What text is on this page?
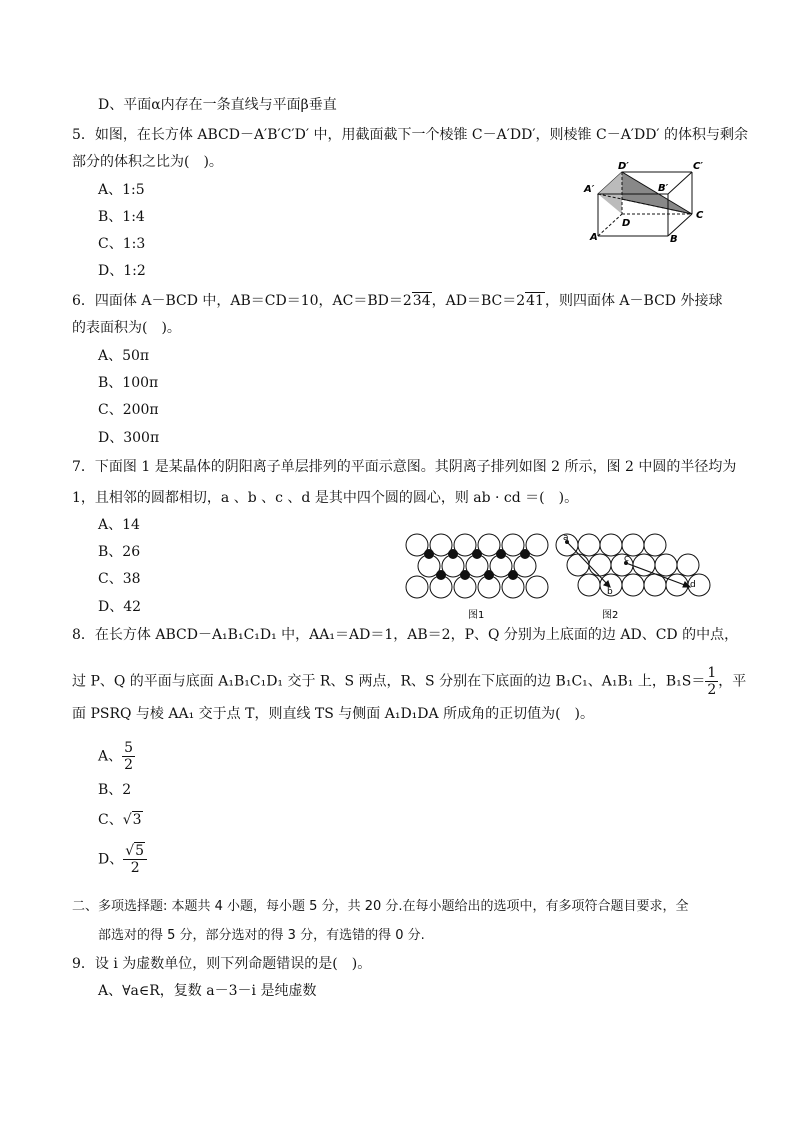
D、平面α内存在一条直线与平面β垂直
5．如图，在长方体 ABCD－A′B′C′D′ 中，用截面截下一个棱锥 C－A′DD′，则棱锥 C－A′DD′ 的体积与剩余
部分的体积之比为(　)。
A、1:5
B、1:4
C、1:3
D、1:2
D′	C′
A′	B′
C
D
A	B
6．四面体 A－BCD 中，AB＝CD＝10，AC＝BD＝234，AD＝BC＝241，则四面体 A－BCD 外接球
的表面积为(　)。
A、50π
B、100π
C、200π
D、300π
7．下面图 1 是某晶体的阴阳离子单层排列的平面示意图。其阴离子排列如图 2 所示，图 2 中圆的半径均为
1，且相邻的圆都相切，a 、b 、c 、d 是其中四个圆的圆心，则 ab · cd ＝(　)。
A、14
B、26
C、38
D、42
图1
a
b
c
d
图2
8．在长方体 ABCD－A₁B₁C₁D₁ 中，AA₁＝AD＝1，AB＝2，P、Q 分别为上底面的边 AD、CD 的中点，
过 P、Q 的平面与底面 A₁B₁C₁D₁ 交于 R、S 两点，R、S 分别在下底面的边 B₁C₁、A₁B₁ 上，$B_1S= \frac{1}{2}$ ，平
面 PSRQ 与棱 AA₁ 交于点 T，则直线 TS 与侧面 A₁D₁DA 所成角的正切值为(　)。
A、 $\frac{5}{2}$
B、2
C、√3
D、 $\frac{√5}{2}$
二、多项选择题: 本题共 4 小题，每小题 5 分，共 20 分.在每小题给出的选项中，有多项符合题目要求，全
部选对的得 5 分，部分选对的得 3 分，有选错的得 0 分.
9．设 i 为虚数单位，则下列命题错误的是(　)。
A、∀a∈R，复数 a－3－i 是纯虚数
